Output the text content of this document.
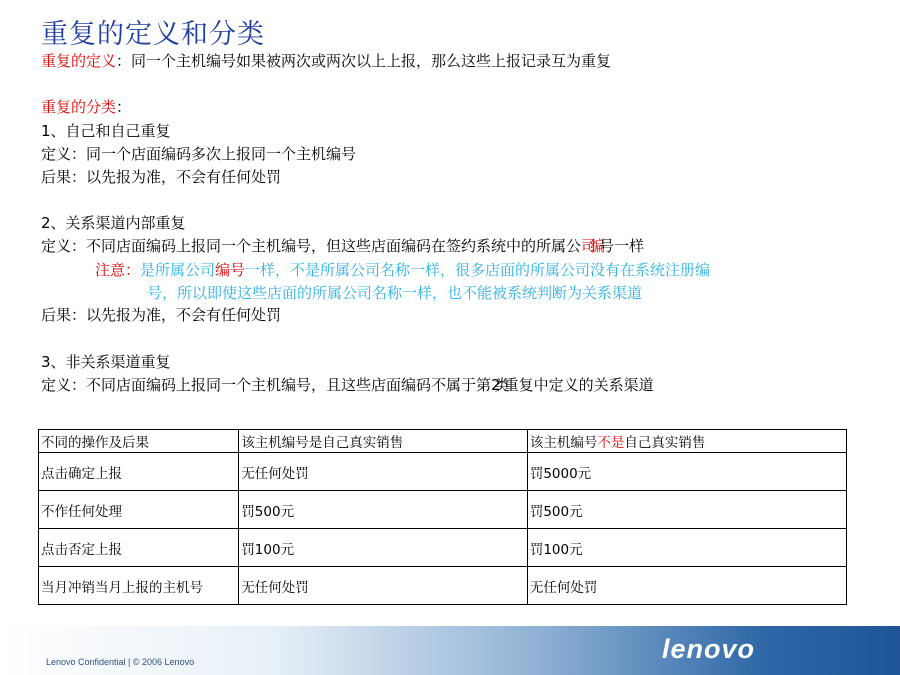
重复的定义和分类
重复的定义：同一个主机编号如果被两次或两次以上上报，那么这些上报记录互为重复
重复的分类：
1、自己和自己重复
定义：同一个店面编码多次上报同一个主机编号
后果：以先报为准，不会有任何处罚
2、关系渠道内部重复
定义：不同店面编码上报同一个主机编号，但这些店面编码在签约系统中的所属公司编号一样
注意：是所属公司编号一样，不是所属公司名称一样，很多店面的所属公司没有在系统注册编
号，所以即使这些店面的所属公司名称一样，也不能被系统判断为关系渠道
后果：以先报为准，不会有任何处罚
3、非关系渠道重复
定义：不同店面编码上报同一个主机编号，且这些店面编码不属于第2类重复中定义的关系渠道
不同的操作及后果	该主机编号是自己真实销售	该主机编号不是自己真实销售
点击确定上报	无任何处罚	罚5000元
不作任何处理	罚500元	罚500元
点击否定上报	罚100元	罚100元
当月冲销当月上报的主机号	无任何处罚	无任何处罚
Lenovo Confidential | © 2006 Lenovo	lenovo
